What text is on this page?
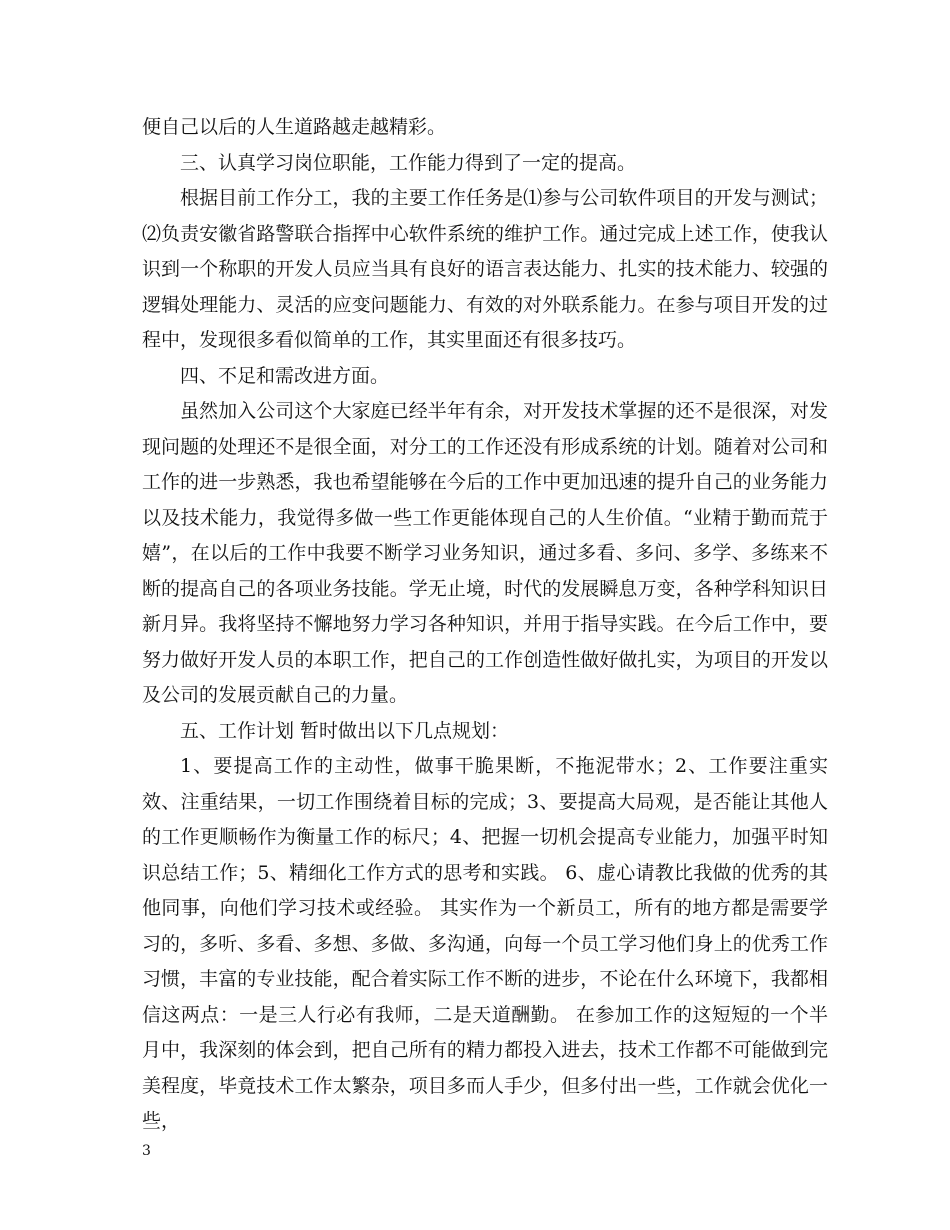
便自己以后的人生道路越走越精彩。

三、认真学习岗位职能，工作能力得到了一定的提高。

根据目前工作分工，我的主要工作任务是⑴参与公司软件项目的开发与测试；⑵负责安徽省路警联合指挥中心软件系统的维护工作。通过完成上述工作，使我认识到一个称职的开发人员应当具有良好的语言表达能力、扎实的技术能力、较强的逻辑处理能力、灵活的应变问题能力、有效的对外联系能力。在参与项目开发的过程中，发现很多看似简单的工作，其实里面还有很多技巧。

四、不足和需改进方面。

虽然加入公司这个大家庭已经半年有余，对开发技术掌握的还不是很深，对发现问题的处理还不是很全面，对分工的工作还没有形成系统的计划。随着对公司和工作的进一步熟悉，我也希望能够在今后的工作中更加迅速的提升自己的业务能力以及技术能力，我觉得多做一些工作更能体现自己的人生价值。“业精于勤而荒于嬉”，在以后的工作中我要不断学习业务知识，通过多看、多问、多学、多练来不断的提高自己的各项业务技能。学无止境，时代的发展瞬息万变，各种学科知识日新月异。我将坚持不懈地努力学习各种知识，并用于指导实践。在今后工作中，要努力做好开发人员的本职工作，把自己的工作创造性做好做扎实，为项目的开发以及公司的发展贡献自己的力量。

五、工作计划 暂时做出以下几点规划：

1、要提高工作的主动性，做事干脆果断，不拖泥带水；2、工作要注重实效、注重结果，一切工作围绕着目标的完成；3、要提高大局观，是否能让其他人的工作更顺畅作为衡量工作的标尺；4、把握一切机会提高专业能力，加强平时知识总结工作；5、精细化工作方式的思考和实践。 6、虚心请教比我做的优秀的其他同事，向他们学习技术或经验。 其实作为一个新员工，所有的地方都是需要学习的，多听、多看、多想、多做、多沟通，向每一个员工学习他们身上的优秀工作习惯，丰富的专业技能，配合着实际工作不断的进步，不论在什么环境下，我都相信这两点：一是三人行必有我师，二是天道酬勤。 在参加工作的这短短的一个半月中，我深刻的体会到，把自己所有的精力都投入进去，技术工作都不可能做到完美程度，毕竟技术工作太繁杂，项目多而人手少，但多付出一些，工作就会优化一些，

3
